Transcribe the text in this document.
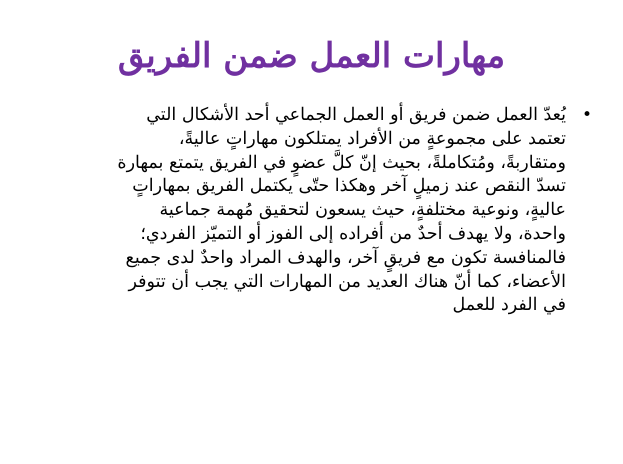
مهارات العمل ضمن الفريق
•
يُعدّ العمل ضمن فريق أو العمل الجماعي أحد الأشكال التي
تعتمد على مجموعةٍ من الأفراد يمتلكون مهاراتٍ عاليةً،
ومتقاربةً، ومُتكاملةً، بحيث إنّ كلَّ عضوٍ في الفريق يتمتع بمهارة
تسدّ النقص عند زميلٍ آخر وهكذا حتّى يكتمل الفريق بمهاراتٍ
عاليةٍ، ونوعية مختلفةٍ، حيث يسعون لتحقيق مُهمة جماعية
واحدة، ولا يهدف أحدٌ من أفراده إلى الفوز أو التميّز الفردي؛
فالمنافسة تكون مع فريقٍ آخر، والهدف المراد واحدٌ لدى جميع
الأعضاء، كما أنّ هناك العديد من المهارات التي يجب أن تتوفر
في الفرد للعمل
